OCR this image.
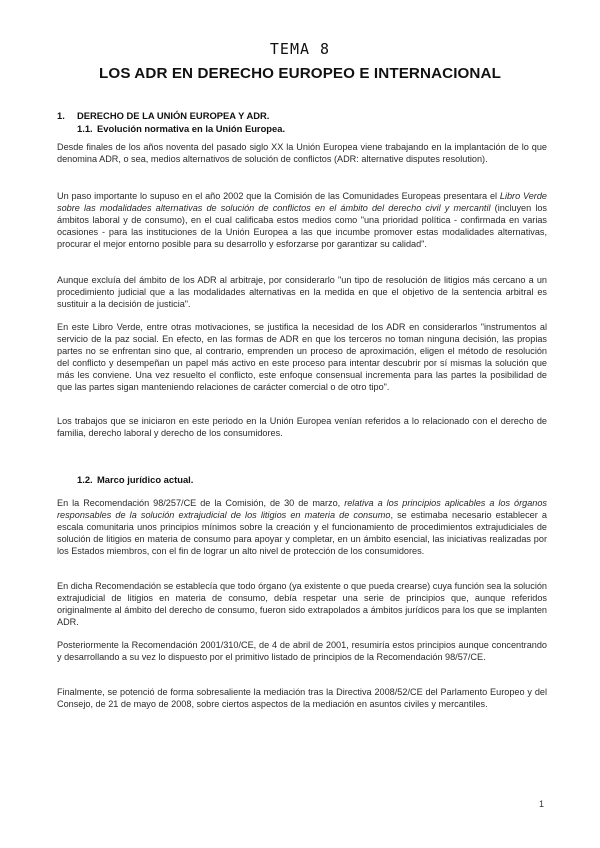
TEMA 8
LOS ADR EN DERECHO EUROPEO E INTERNACIONAL
1. DERECHO DE LA UNIÓN EUROPEA Y ADR.
1.1. Evolución normativa en la Unión Europea.

Desde finales de los años noventa del pasado siglo XX la Unión Europea viene trabajando en la implantación de lo que denomina ADR, o sea, medios alternativos de solución de conflictos (ADR: alternative disputes resolution).

Un paso importante lo supuso en el año 2002 que la Comisión de las Comunidades Europeas presentara el Libro Verde sobre las modalidades alternativas de solución de conflictos en el ámbito del derecho civil y mercantil (incluyen los ámbitos laboral y de consumo), en el cual calificaba estos medios como "una prioridad política - confirmada en varias ocasiones - para las instituciones de la Unión Europea a las que incumbe promover estas modalidades alternativas, procurar el mejor entorno posible para su desarrollo y esforzarse por garantizar su calidad".

Aunque excluía del ámbito de los ADR al arbitraje, por considerarlo "un tipo de resolución de litigios más cercano a un procedimiento judicial que a las modalidades alternativas en la medida en que el objetivo de la sentencia arbitral es sustituir a la decisión de justicia".

En este Libro Verde, entre otras motivaciones, se justifica la necesidad de los ADR en considerarlos "instrumentos al servicio de la paz social. En efecto, en las formas de ADR en que los terceros no toman ninguna decisión, las propias partes no se enfrentan sino que, al contrario, emprenden un proceso de aproximación, eligen el método de resolución del conflicto y desempeñan un papel más activo en este proceso para intentar descubrir por sí mismas la solución que más les conviene. Una vez resuelto el conflicto, este enfoque consensual incrementa para las partes la posibilidad de que las partes sigan manteniendo relaciones de carácter comercial o de otro tipo".

Los trabajos que se iniciaron en este periodo en la Unión Europea venían referidos a lo relacionado con el derecho de familia, derecho laboral y derecho de los consumidores.

1.2. Marco jurídico actual.

En la Recomendación 98/257/CE de la Comisión, de 30 de marzo, relativa a los principios aplicables a los órganos responsables de la solución extrajudicial de los litigios en materia de consumo, se estimaba necesario establecer a escala comunitaria unos principios mínimos sobre la creación y el funcionamiento de procedimientos extrajudiciales de solución de litigios en materia de consumo para apoyar y completar, en un ámbito esencial, las iniciativas realizadas por los Estados miembros, con el fin de lograr un alto nivel de protección de los consumidores.

En dicha Recomendación se establecía que todo órgano (ya existente o que pueda crearse) cuya función sea la solución extrajudicial de litigios en materia de consumo, debía respetar una serie de principios que, aunque referidos originalmente al ámbito del derecho de consumo, fueron sido extrapolados a ámbitos jurídicos para los que se implanten ADR.

Posteriormente la Recomendación 2001/310/CE, de 4 de abril de 2001, resumiría estos principios aunque concentrando y desarrollando a su vez lo dispuesto por el primitivo listado de principios de la Recomendación 98/57/CE.

Finalmente, se potenció de forma sobresaliente la mediación tras la Directiva 2008/52/CE del Parlamento Europeo y del Consejo, de 21 de mayo de 2008, sobre ciertos aspectos de la mediación en asuntos civiles y mercantiles.

1
